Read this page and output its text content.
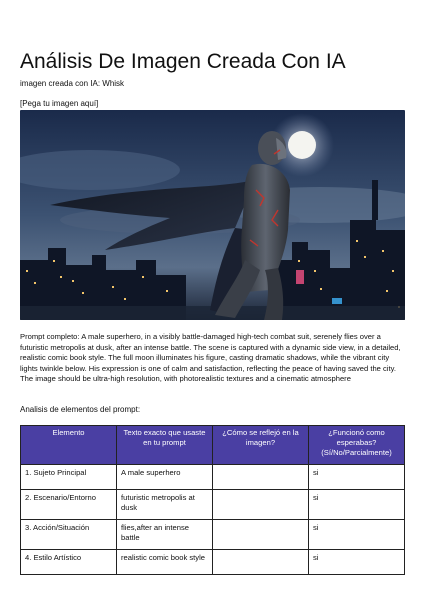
Análisis De Imagen Creada Con IA
imagen creada con IA: Whisk
[Pega tu imagen aquí]
Prompt completo: A male superhero, in a visibly battle-damaged high-tech combat suit, serenely flies over a futuristic metropolis at dusk, after an intense battle. The scene is captured with a dynamic side view, in a detailed, realistic comic book style. The full moon illuminates his figure, casting dramatic shadows, while the vibrant city lights twinkle below. His expression is one of calm and satisfaction, reflecting the peace of having saved the city. The image should be ultra-high resolution, with photorealistic textures and a cinematic atmosphere
Analisis de elementos del prompt:
Elemento	Texto exacto que usaste en tu prompt	¿Cómo se reflejó en la imagen?	¿Funcionó como esperabas? (Sí/No/Parcialmente)
1. Sujeto Principal	A male superhero		si
2. Escenario/Entorno	futuristic metropolis at dusk		si
3. Acción/Situación	flies,after an intense battle		si
4. Estilo Artístico	realistic comic book style		si
